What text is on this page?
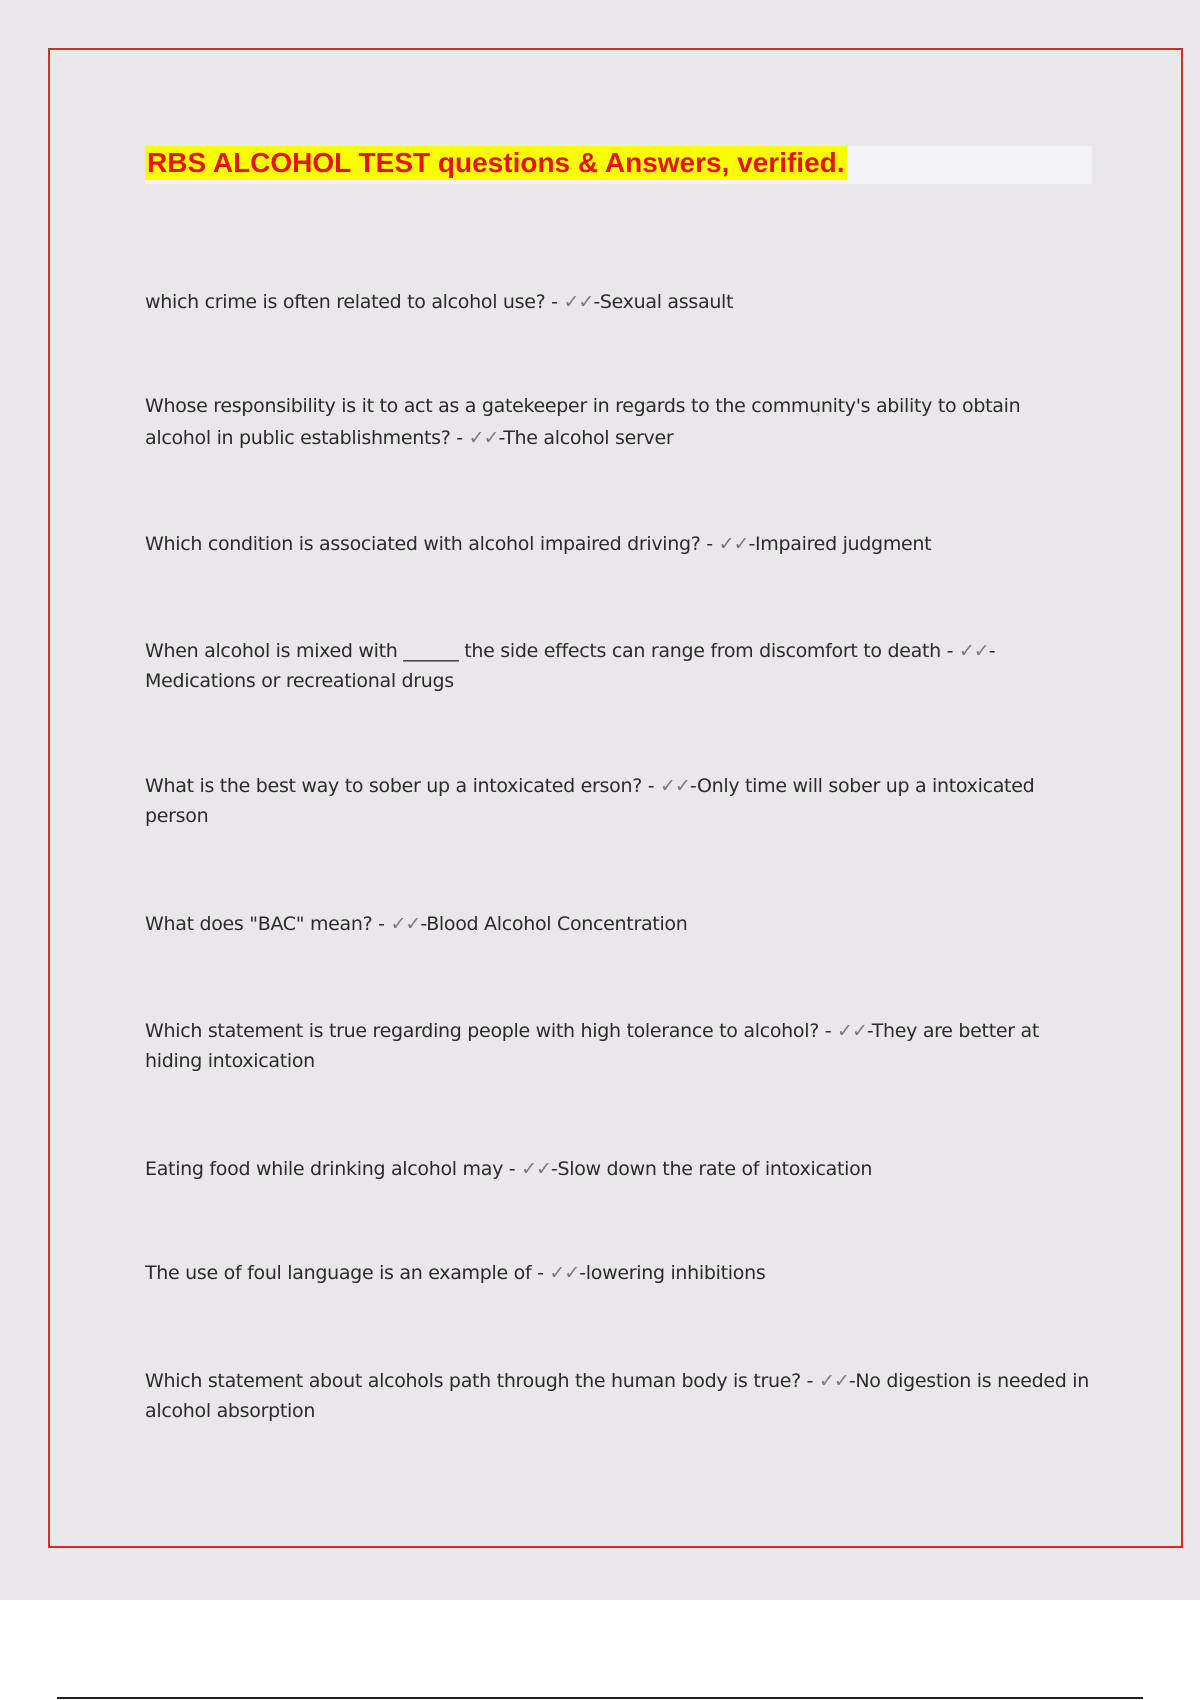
RBS ALCOHOL TEST questions & Answers, verified.

which crime is often related to alcohol use? - ✓✓-Sexual assault

Whose responsibility is it to act as a gatekeeper in regards to the community's ability to obtain alcohol in public establishments? - ✓✓-The alcohol server

Which condition is associated with alcohol impaired driving? - ✓✓-Impaired judgment

When alcohol is mixed with ______ the side effects can range from discomfort to death - ✓✓-Medications or recreational drugs

What is the best way to sober up a intoxicated erson? - ✓✓-Only time will sober up a intoxicated person

What does "BAC" mean? - ✓✓-Blood Alcohol Concentration

Which statement is true regarding people with high tolerance to alcohol? - ✓✓-They are better at hiding intoxication

Eating food while drinking alcohol may - ✓✓-Slow down the rate of intoxication

The use of foul language is an example of - ✓✓-lowering inhibitions

Which statement about alcohols path through the human body is true? - ✓✓-No digestion is needed in alcohol absorption
